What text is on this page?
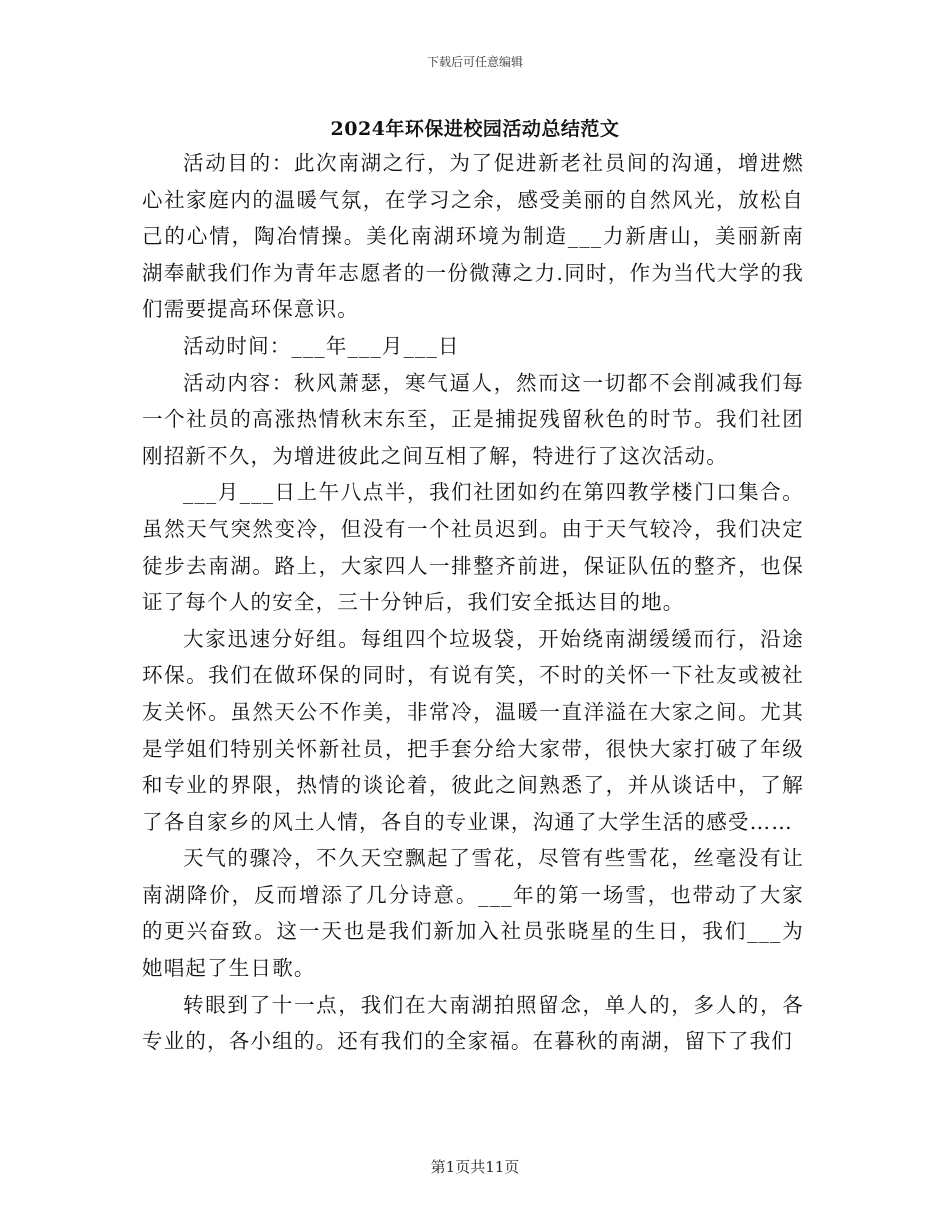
下载后可任意编辑
2024年环保进校园活动总结范文

活动目的：此次南湖之行，为了促进新老社员间的沟通，增进燃心社家庭内的温暖气氛，在学习之余，感受美丽的自然风光，放松自己的心情，陶冶情操。美化南湖环境为制造___力新唐山，美丽新南湖奉献我们作为青年志愿者的一份微薄之力.同时，作为当代大学的我们需要提高环保意识。

活动时间：___年___月___日

活动内容：秋风萧瑟，寒气逼人，然而这一切都不会削减我们每一个社员的高涨热情秋末东至，正是捕捉残留秋色的时节。我们社团刚招新不久，为增进彼此之间互相了解，特进行了这次活动。

___月___日上午八点半，我们社团如约在第四教学楼门口集合。虽然天气突然变冷，但没有一个社员迟到。由于天气较冷，我们决定徒步去南湖。路上，大家四人一排整齐前进，保证队伍的整齐，也保证了每个人的安全，三十分钟后，我们安全抵达目的地。

大家迅速分好组。每组四个垃圾袋，开始绕南湖缓缓而行，沿途环保。我们在做环保的同时，有说有笑，不时的关怀一下社友或被社友关怀。虽然天公不作美，非常冷，温暖一直洋溢在大家之间。尤其是学姐们特别关怀新社员，把手套分给大家带，很快大家打破了年级和专业的界限，热情的谈论着，彼此之间熟悉了，并从谈话中，了解了各自家乡的风土人情，各自的专业课，沟通了大学生活的感受……

天气的骤冷，不久天空飘起了雪花，尽管有些雪花，丝毫没有让南湖降价，反而增添了几分诗意。___年的第一场雪，也带动了大家的更兴奋致。这一天也是我们新加入社员张晓星的生日，我们___为她唱起了生日歌。

转眼到了十一点，我们在大南湖拍照留念，单人的，多人的，各专业的，各小组的。还有我们的全家福。在暮秋的南湖，留下了我们

第1页共11页
